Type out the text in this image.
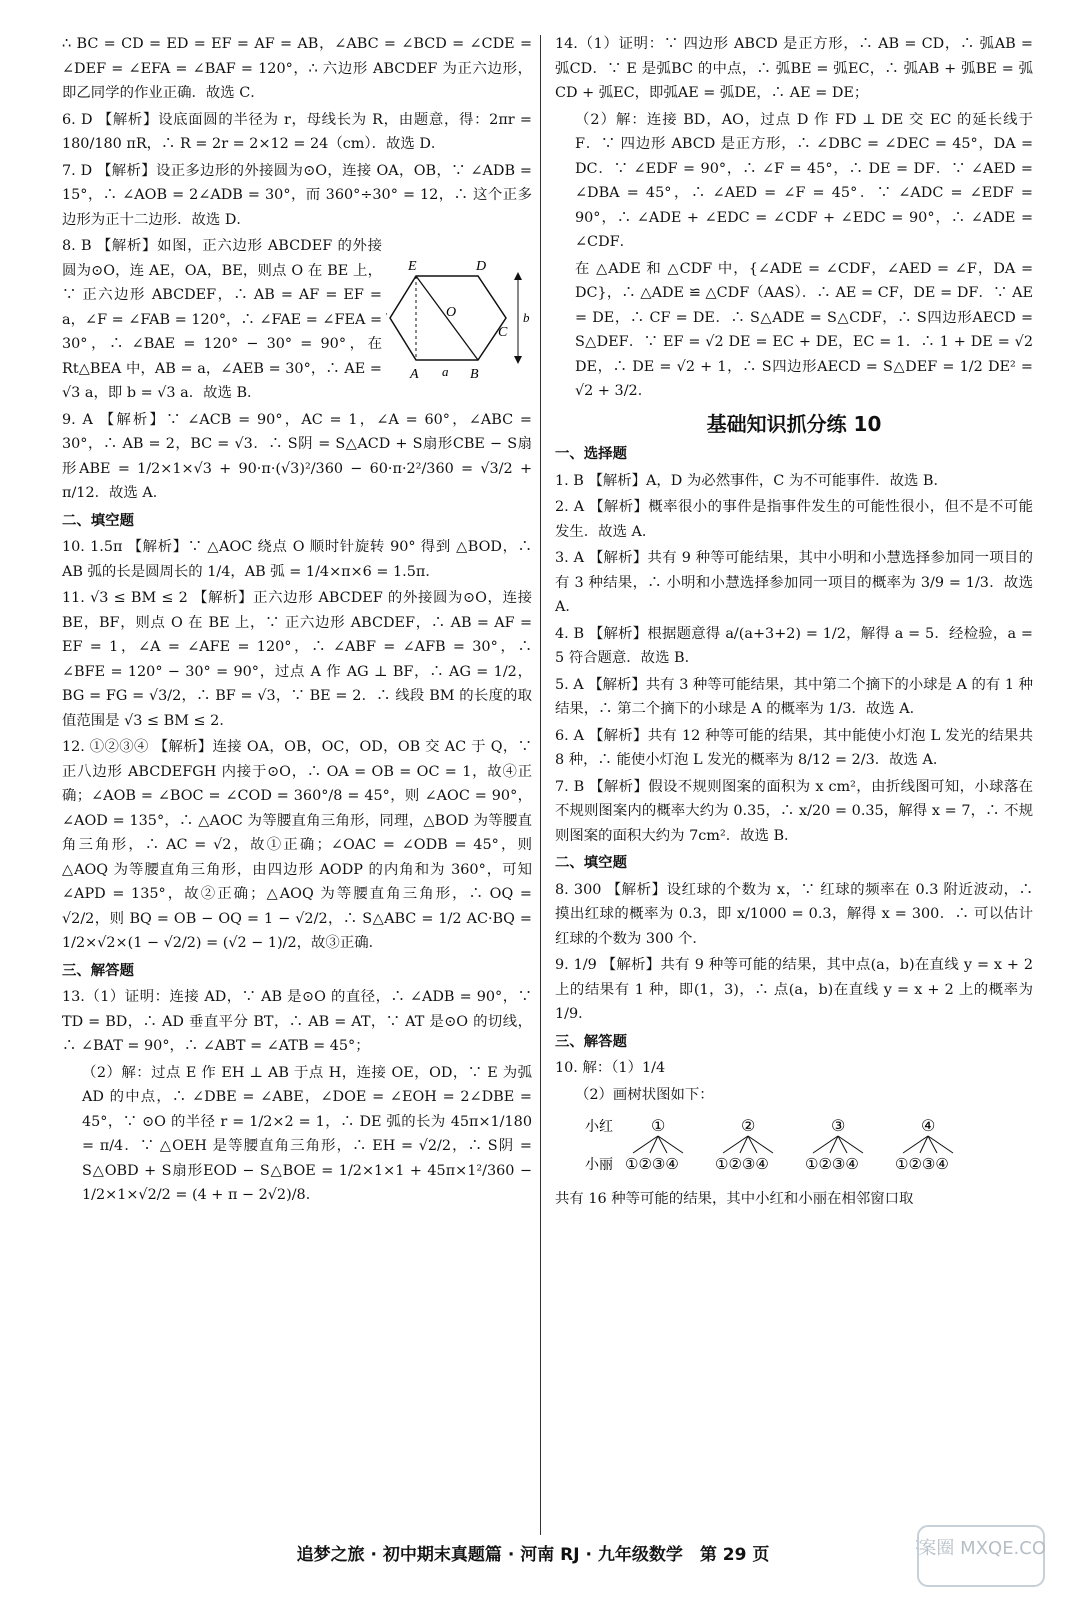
∴ BC = CD = ED = EF = AF = AB，∠ABC = ∠BCD = ∠CDE = ∠DEF = ∠EFA = ∠BAF = 120°，∴ 六边形 ABCDEF 为正六边形，即乙同学的作业正确．故选 C．

6. D 【解析】设底面圆的半径为 r，母线长为 R，由题意，得：2πr = 180/180 πR，∴ R = 2r = 2×12 = 24（cm）．故选 D．

7. D 【解析】设正多边形的外接圆为⊙O，连接 OA，OB，∵ ∠ADB = 15°，∴ ∠AOB = 2∠ADB = 30°，而 360°÷30° = 12，∴ 这个正多边形为正十二边形．故选 D．

8. B 【解析】如图，正六边形 ABCDEF 的外接圆为⊙O，连 AE，OA，BE，则点 O 在 BE 上，∵ 正六边形 ABCDEF，∴ AB = AF = EF = a，∠F = ∠FAB = 120°，∴ ∠FAE = ∠FEA = 30°，∴ ∠BAE = 120° − 30° = 90°，在 Rt△BEA 中，AB = a，∠AEB = 30°，∴ AE = √3 a，即 b = √3 a．故选 B．

9. A 【解析】∵ ∠ACB = 90°，AC = 1，∠A = 60°，∠ABC = 30°，∴ AB = 2，BC = √3．∴ S阴 = S△ACD + S扇形CBE − S扇形ABE = 1/2×1×√3 + 90·π·(√3)²/360 − 60·π·2²/360 = √3/2 + π/12．故选 A．

二、填空题

10. 1.5π 【解析】∵ △AOC 绕点 O 顺时针旋转 90° 得到 △BOD，∴ AB 弧的长是圆周长的 1/4，AB 弧 = 1/4×π×6 = 1.5π．

11. √3 ≤ BM ≤ 2 【解析】正六边形 ABCDEF 的外接圆为⊙O，连接 BE，BF，则点 O 在 BE 上，∵ 正六边形 ABCDEF，∴ AB = AF = EF = 1，∠A = ∠AFE = 120°，∴ ∠ABF = ∠AFB = 30°，∴ ∠BFE = 120° − 30° = 90°，过点 A 作 AG ⊥ BF，∴ AG = 1/2，BG = FG = √3/2，∴ BF = √3，∵ BE = 2．∴ 线段 BM 的长度的取值范围是 √3 ≤ BM ≤ 2．

12. ①②③④ 【解析】连接 OA，OB，OC，OD，OB 交 AC 于 Q，∵ 正八边形 ABCDEFGH 内接于⊙O，∴ OA = OB = OC = 1，故④正确；∠AOB = ∠BOC = ∠COD = 360°/8 = 45°，则 ∠AOC = 90°，∠AOD = 135°，∴ △AOC 为等腰直角三角形，同理，△BOD 为等腰直角三角形，∴ AC = √2，故①正确；∠OAC = ∠ODB = 45°，则 △AOQ 为等腰直角三角形，由四边形 AODP 的内角和为 360°，可知 ∠APD = 135°，故②正确；△AOQ 为等腰直角三角形，∴ OQ = √2/2，则 BQ = OB − OQ = 1 − √2/2，∴ S△ABC = 1/2 AC·BQ = 1/2×√2×(1 − √2/2) = (√2 − 1)/2，故③正确．

三、解答题

13.（1）证明：连接 AD，∵ AB 是⊙O 的直径，∴ ∠ADB = 90°，∵ TD = BD，∴ AD 垂直平分 BT，∴ AB = AT，∵ AT 是⊙O 的切线，∴ ∠BAT = 90°，∴ ∠ABT = ∠ATB = 45°；

（2）解：过点 E 作 EH ⊥ AB 于点 H，连接 OE，OD，∵ E 为弧 AD 的中点，∴ ∠DBE = ∠ABE，∠DOE = ∠EOH = 2∠DBE = 45°，∵ ⊙O 的半径 r = 1/2×2 = 1，∴ DE 弧的长为 45π×1/180 = π/4．∵ △OEH 是等腰直角三角形，∴ EH = √2/2，∴ S阴 = S△OBD + S扇形EOD − S△BOE = 1/2×1×1 + 45π×1²/360 − 1/2×1×√2/2 = (4 + π − 2√2)/8．

E	D
C
A	B
O
a
b

14.（1）证明：∵ 四边形 ABCD 是正方形，∴ AB = CD，∴ 弧AB = 弧CD．∵ E 是弧BC 的中点，∴ 弧BE = 弧EC，∴ 弧AB + 弧BE = 弧CD + 弧EC，即弧AE = 弧DE，∴ AE = DE；

（2）解：连接 BD，AO，过点 D 作 FD ⊥ DE 交 EC 的延长线于 F．∵ 四边形 ABCD 是正方形，∴ ∠DBC = ∠DEC = 45°，DA = DC．∵ ∠EDF = 90°，∴ ∠F = 45°，∴ DE = DF．∵ ∠AED = ∠DBA = 45°，∴ ∠AED = ∠F = 45°．∵ ∠ADC = ∠EDF = 90°，∴ ∠ADE + ∠EDC = ∠CDF + ∠EDC = 90°，∴ ∠ADE = ∠CDF．

在 △ADE 和 △CDF 中，{∠ADE = ∠CDF，∠AED = ∠F，DA = DC}，∴ △ADE ≌ △CDF（AAS）．∴ AE = CF，DE = DF．∵ AE = DE，∴ CF = DE．∴ S△ADE = S△CDF，∴ S四边形AECD = S△DEF．∵ EF = √2 DE = EC + DE，EC = 1．∴ 1 + DE = √2 DE，∴ DE = √2 + 1，∴ S四边形AECD = S△DEF = 1/2 DE² = √2 + 3/2．

基础知识抓分练 10

一、选择题

1. B 【解析】A，D 为必然事件，C 为不可能事件．故选 B．

2. A 【解析】概率很小的事件是指事件发生的可能性很小，但不是不可能发生．故选 A．

3. A 【解析】共有 9 种等可能结果，其中小明和小慧选择参加同一项目的有 3 种结果，∴ 小明和小慧选择参加同一项目的概率为 3/9 = 1/3．故选 A．

4. B 【解析】根据题意得 a/(a+3+2) = 1/2，解得 a = 5．经检验，a = 5 符合题意．故选 B．

5. A 【解析】共有 3 种等可能结果，其中第二个摘下的小球是 A 的有 1 种结果，∴ 第二个摘下的小球是 A 的概率为 1/3．故选 A．

6. A 【解析】共有 12 种等可能的结果，其中能使小灯泡 L 发光的结果共 8 种，∴ 能使小灯泡 L 发光的概率为 8/12 = 2/3．故选 A．

7. B 【解析】假设不规则图案的面积为 x cm²，由折线图可知，小球落在不规则图案内的概率大约为 0.35，∴ x/20 = 0.35，解得 x = 7，∴ 不规则图案的面积大约为 7cm²．故选 B．

二、填空题

8. 300 【解析】设红球的个数为 x，∵ 红球的频率在 0.3 附近波动，∴ 摸出红球的概率为 0.3，即 x/1000 = 0.3，解得 x = 300．∴ 可以估计红球的个数为 300 个．

9. 1/9 【解析】共有 9 种等可能的结果，其中点(a，b)在直线 y = x + 2 上的结果有 1 种，即(1，3)，∴ 点(a，b)在直线 y = x + 2 上的概率为 1/9．

三、解答题

10. 解：（1）1/4

（2）画树状图如下：

小红
小丽
①	②	③	④
①②③④ ①②③④ ①②③④ ①②③④

共有 16 种等可能的结果，其中小红和小丽在相邻窗口取

追梦之旅 · 初中期末真题篇 · 河南 RJ · 九年级数学　第 29 页	案圈 MXQE.CO
